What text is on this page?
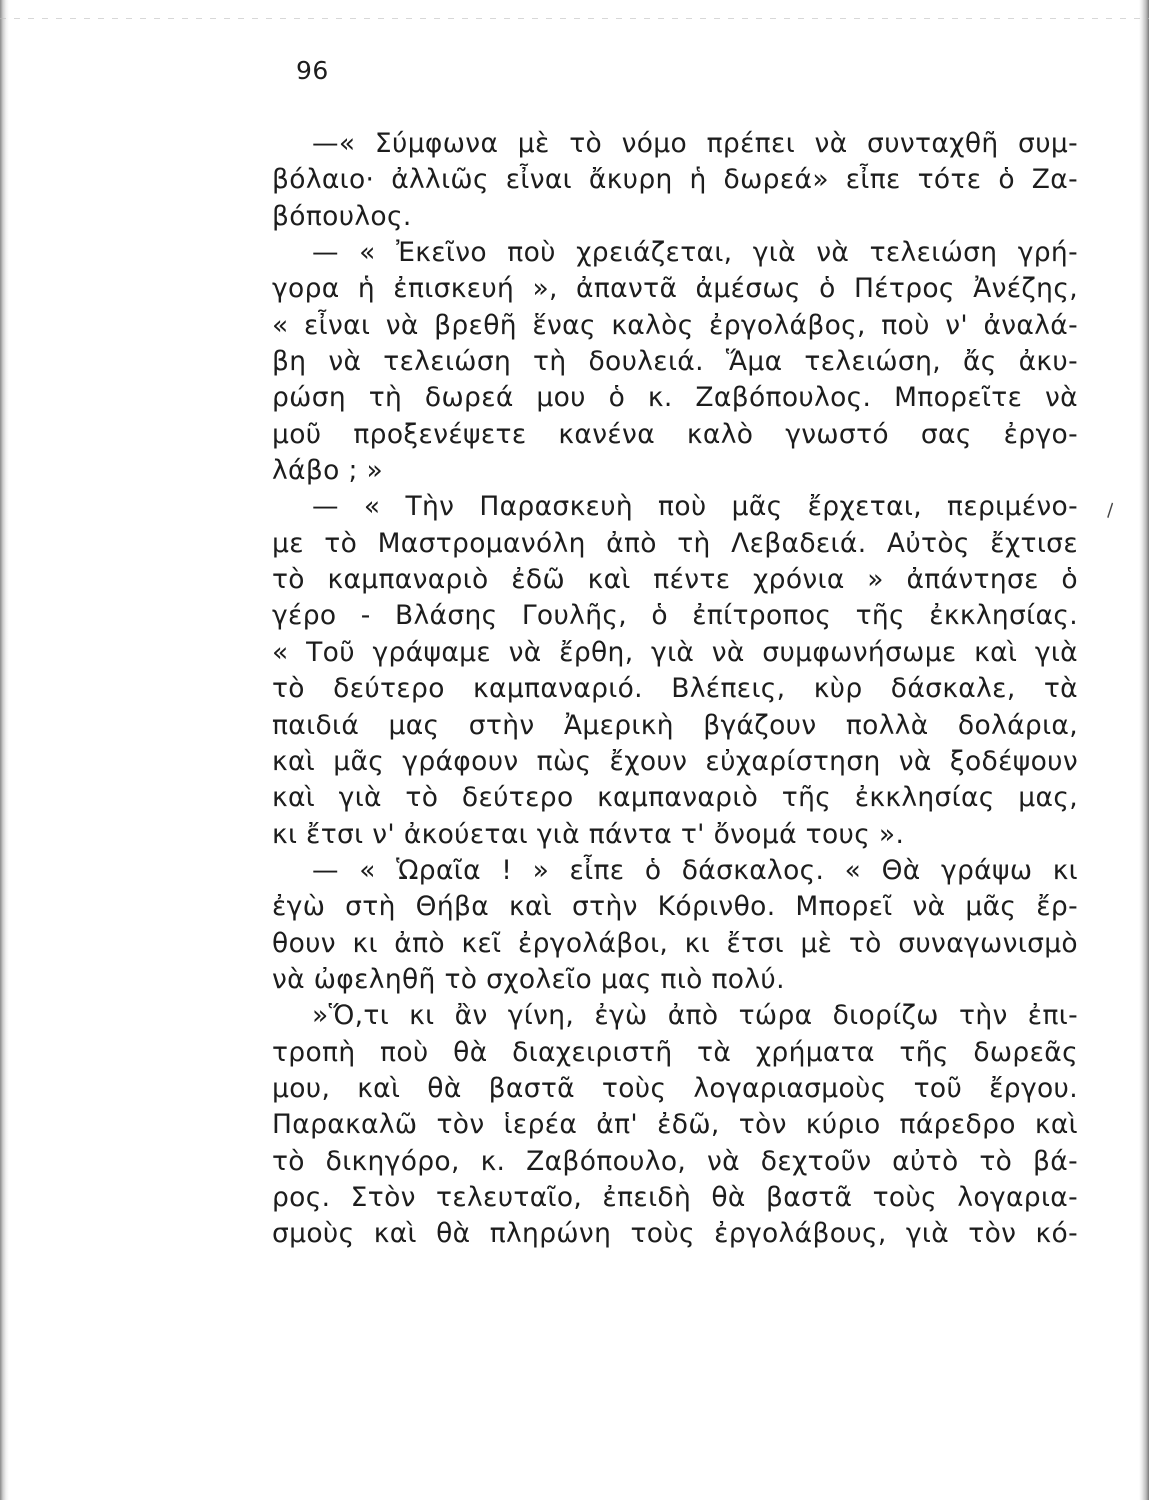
96
—« Σύμφωνα μὲ τὸ νόμο πρέπει νὰ συνταχθῆ συμ-
βόλαιο· ἀλλιῶς εἶναι ἄκυρη ἡ δωρεά» εἶπε τότε ὁ Ζα-
βόπουλος.
— « Ἐκεῖνο ποὺ χρειάζεται, γιὰ νὰ τελειώση γρή-
γορα ἡ ἐπισκευή », ἀπαντᾶ ἀμέσως ὁ Πέτρος Ἀνέζης,
« εἶναι νὰ βρεθῆ ἕνας καλὸς ἐργολάβος, ποὺ ν' ἀναλά-
βη νὰ τελειώση τὴ δουλειά. Ἅμα τελειώση, ἄς ἀκυ-
ρώση τὴ δωρεά μου ὁ κ. Ζαβόπουλος. Μπορεῖτε νὰ
μοῦ προξενέψετε κανένα καλὸ γνωστό σας ἐργο-
λάβο ; »
— « Τὴν Παρασκευὴ ποὺ μᾶς ἔρχεται, περιμένο-
με τὸ Μαστρομανόλη ἀπὸ τὴ Λεβαδειά. Αὐτὸς ἔχτισε
τὸ καμπαναριὸ ἐδῶ καὶ πέντε χρόνια » ἀπάντησε ὁ
γέρο - Βλάσης Γουλῆς, ὁ ἐπίτροπος τῆς ἐκκλησίας.
« Τοῦ γράψαμε νὰ ἔρθη, γιὰ νὰ συμφωνήσωμε καὶ γιὰ
τὸ δεύτερο καμπαναριό. Βλέπεις, κὺρ δάσκαλε, τὰ
παιδιά μας στὴν Ἀμερικὴ βγάζουν πολλὰ δολάρια,
καὶ μᾶς γράφουν πὼς ἔχουν εὐχαρίστηση νὰ ξοδέψουν
καὶ γιὰ τὸ δεύτερο καμπαναριὸ τῆς ἐκκλησίας μας,
κι ἔτσι ν' ἀκούεται γιὰ πάντα τ' ὄνομά τους ».
— « Ὡραῖα ! » εἶπε ὁ δάσκαλος. « Θὰ γράψω κι
ἐγὼ στὴ Θήβα καὶ στὴν Κόρινθο. Μπορεῖ νὰ μᾶς ἔρ-
θουν κι ἀπὸ κεῖ ἐργολάβοι, κι ἔτσι μὲ τὸ συναγωνισμὸ
νὰ ὠφεληθῆ τὸ σχολεῖο μας πιὸ πολύ.
»Ὅ,τι κι ἂν γίνη, ἐγὼ ἀπὸ τώρα διορίζω τὴν ἐπι-
τροπὴ ποὺ θὰ διαχειριστῆ τὰ χρήματα τῆς δωρεᾶς
μου, καὶ θὰ βαστᾶ τοὺς λογαριασμοὺς τοῦ ἔργου.
Παρακαλῶ τὸν ἱερέα ἀπ' ἐδῶ, τὸν κύριο πάρεδρο καὶ
τὸ δικηγόρο, κ. Ζαβόπουλο, νὰ δεχτοῦν αὐτὸ τὸ βά-
ρος. Στὸν τελευταῖο, ἐπειδὴ θὰ βαστᾶ τοὺς λογαρια-
σμοὺς καὶ θὰ πληρώνη τοὺς ἐργολάβους, γιὰ τὸν κό-
\
